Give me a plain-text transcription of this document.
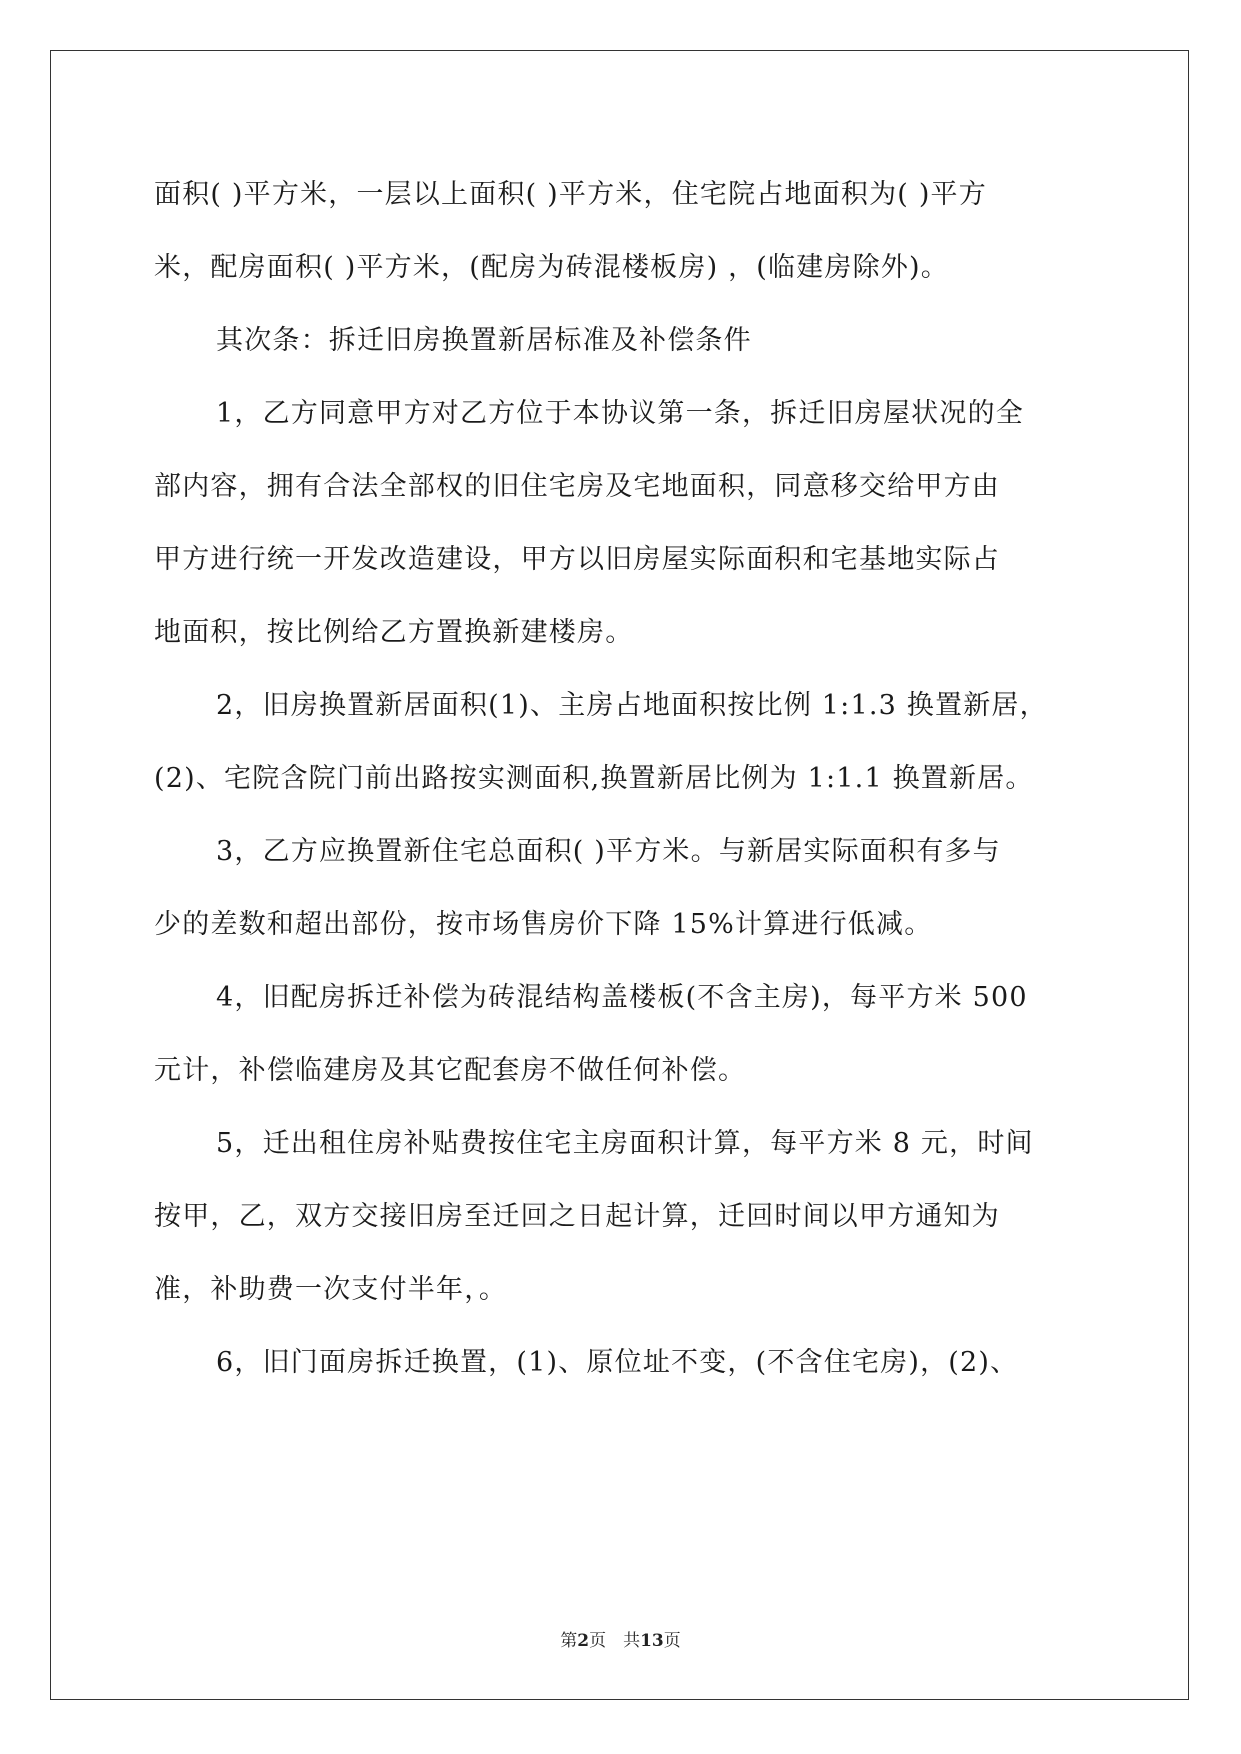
面积( )平方米，一层以上面积( )平方米，住宅院占地面积为( )平方
米，配房面积( )平方米，(配房为砖混楼板房) ，(临建房除外)。
其次条：拆迁旧房换置新居标准及补偿条件
1，乙方同意甲方对乙方位于本协议第一条，拆迁旧房屋状况的全
部内容，拥有合法全部权的旧住宅房及宅地面积，同意移交给甲方由
甲方进行统一开发改造建设，甲方以旧房屋实际面积和宅基地实际占
地面积，按比例给乙方置换新建楼房。
2，旧房换置新居面积(1)、主房占地面积按比例 1:1.3 换置新居，
(2)、宅院含院门前出路按实测面积,换置新居比例为 1:1.1 换置新居。
3，乙方应换置新住宅总面积( )平方米。与新居实际面积有多与
少的差数和超出部份，按市场售房价下降 15%计算进行低减。
4，旧配房拆迁补偿为砖混结构盖楼板(不含主房)，每平方米 500
元计，补偿临建房及其它配套房不做任何补偿。
5，迁出租住房补贴费按住宅主房面积计算，每平方米 8 元，时间
按甲，乙，双方交接旧房至迁回之日起计算，迁回时间以甲方通知为
准，补助费一次支付半年，。
6，旧门面房拆迁换置，(1)、原位址不变，(不含住宅房)，(2)、
第2页　共13页
